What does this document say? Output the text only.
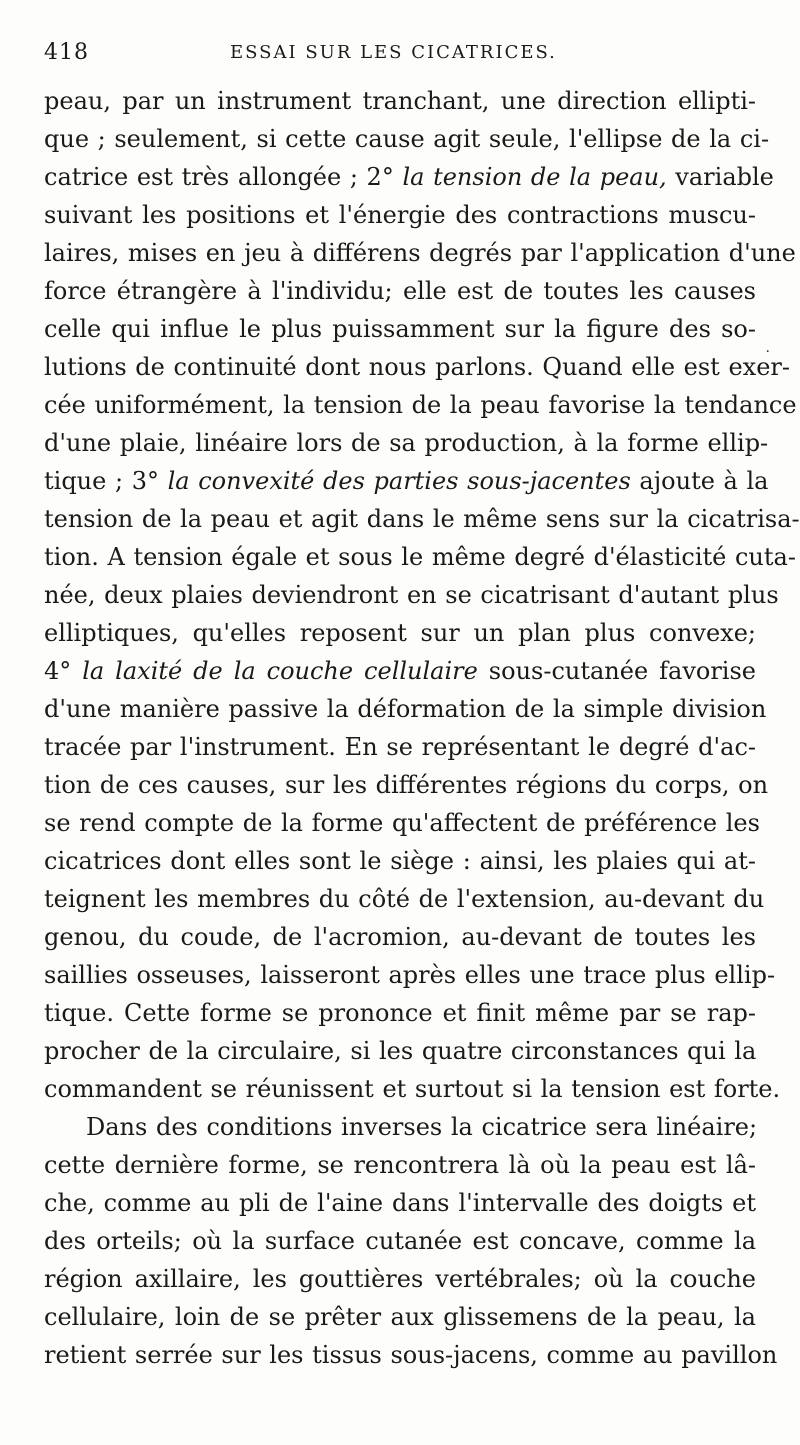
418	ESSAI SUR LES CICATRICES.
peau, par un instrument tranchant, une direction ellipti-
que ; seulement, si cette cause agit seule, l'ellipse de la ci-
catrice est très allongée ; 2° la tension de la peau, variable
suivant les positions et l'énergie des contractions muscu-
laires, mises en jeu à différens degrés par l'application d'une
force étrangère à l'individu; elle est de toutes les causes
celle qui influe le plus puissamment sur la figure des so-
lutions de continuité dont nous parlons. Quand elle est exer-
cée uniformément, la tension de la peau favorise la tendance
d'une plaie, linéaire lors de sa production, à la forme ellip-
tique ; 3° la convexité des parties sous-jacentes ajoute à la
tension de la peau et agit dans le même sens sur la cicatrisa-
tion. A tension égale et sous le même degré d'élasticité cuta-
née, deux plaies deviendront en se cicatrisant d'autant plus
elliptiques, qu'elles reposent sur un plan plus convexe;
4° la laxité de la couche cellulaire sous-cutanée favorise
d'une manière passive la déformation de la simple division
tracée par l'instrument. En se représentant le degré d'ac-
tion de ces causes, sur les différentes régions du corps, on
se rend compte de la forme qu'affectent de préférence les
cicatrices dont elles sont le siège : ainsi, les plaies qui at-
teignent les membres du côté de l'extension, au-devant du
genou, du coude, de l'acromion, au-devant de toutes les
saillies osseuses, laisseront après elles une trace plus ellip-
tique. Cette forme se prononce et finit même par se rap-
procher de la circulaire, si les quatre circonstances qui la
commandent se réunissent et surtout si la tension est forte.
Dans des conditions inverses la cicatrice sera linéaire;
cette dernière forme, se rencontrera là où la peau est lâ-
che, comme au pli de l'aine dans l'intervalle des doigts et
des orteils; où la surface cutanée est concave, comme la
région axillaire, les gouttières vertébrales; où la couche
cellulaire, loin de se prêter aux glissemens de la peau, la
retient serrée sur les tissus sous-jacens, comme au pavillon
.
